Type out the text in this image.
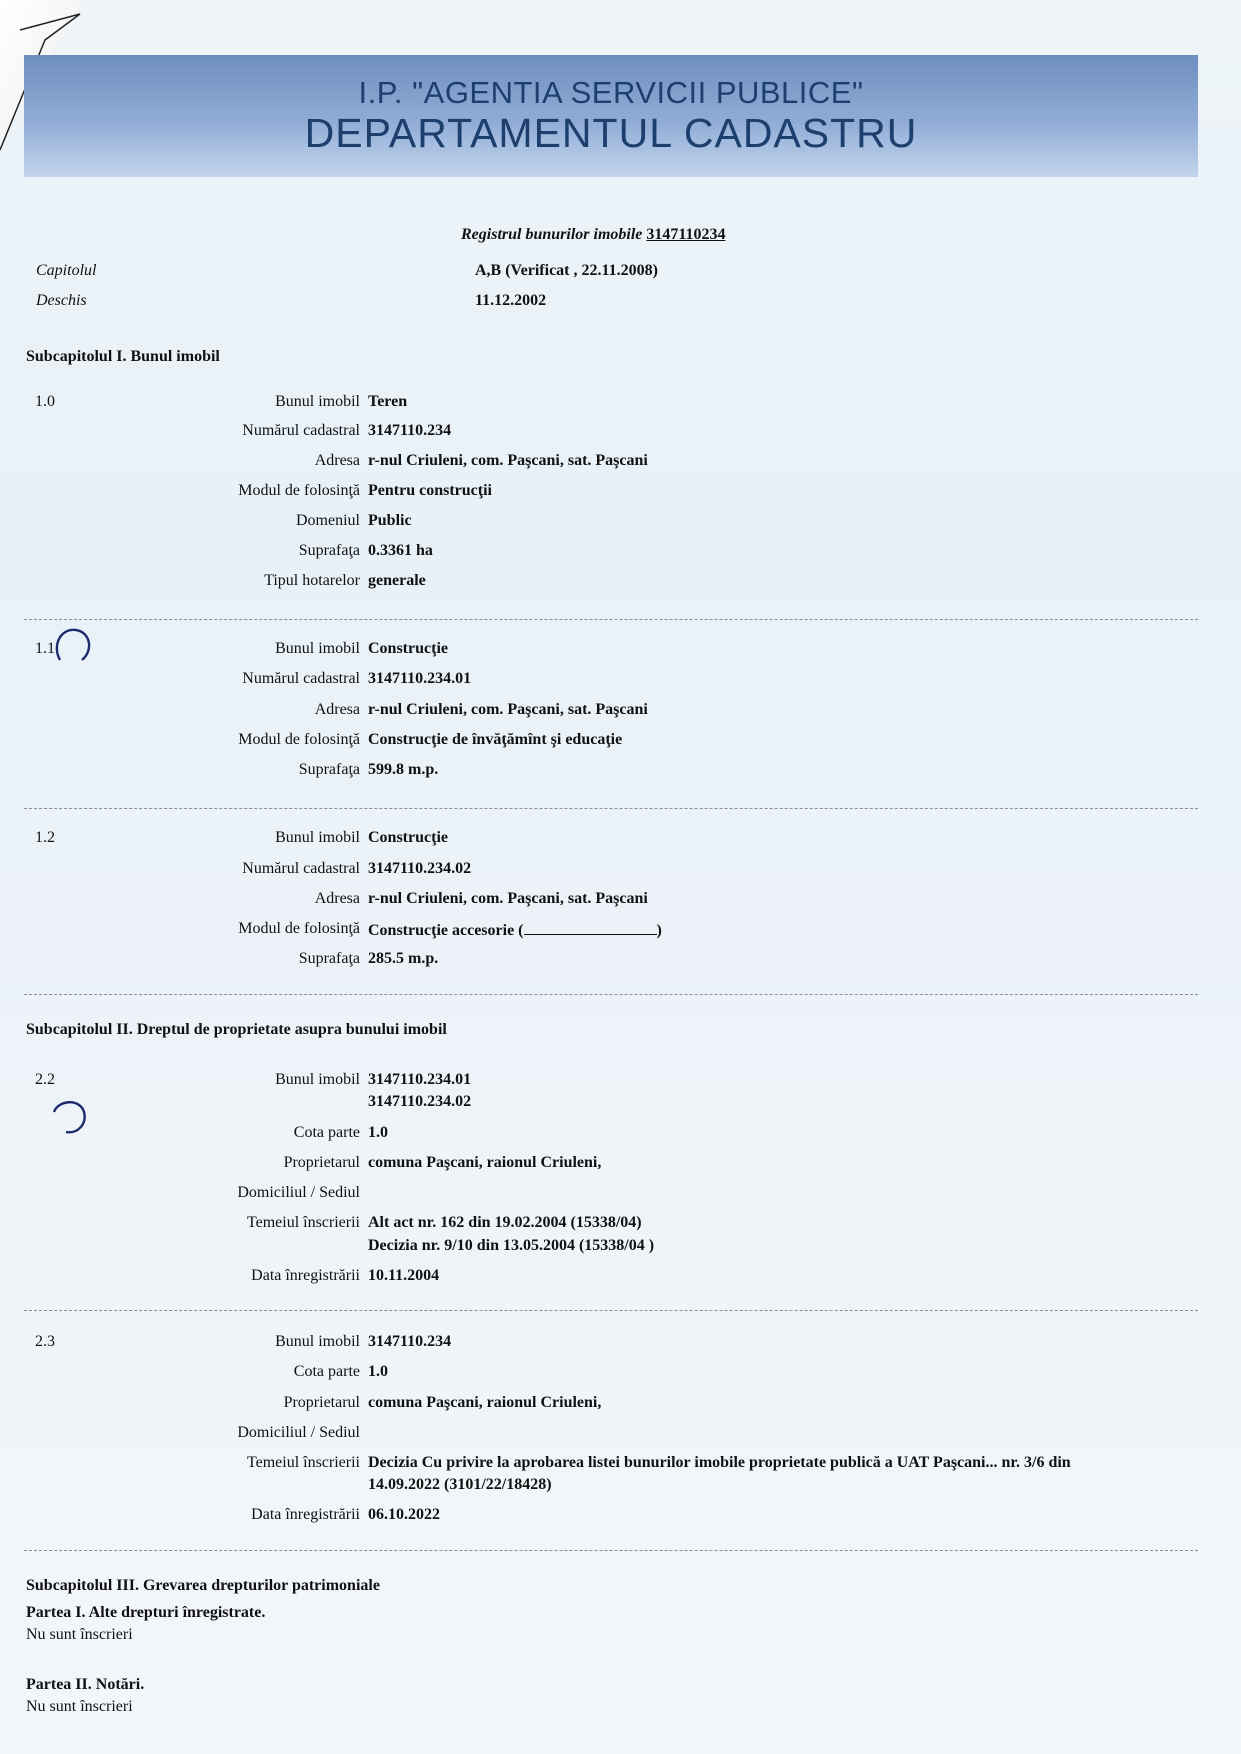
I.P. "AGENTIA SERVICII PUBLICE"
DEPARTAMENTUL CADASTRU
Registrul bunurilor imobile 3147110234
Capitolul	A,B (Verificat , 22.11.2008)
Deschis	11.12.2002
Subcapitolul I. Bunul imobil
1.0	Bunul imobil Teren
Numărul cadastral 3147110.234
Adresa r-nul Criuleni, com. Paşcani, sat. Paşcani
Modul de folosinţă Pentru construcţii
Domeniul Public
Suprafaţa 0.3361 ha
Tipul hotarelor generale
1.1	Bunul imobil Construcţie
Numărul cadastral 3147110.234.01
Adresa r-nul Criuleni, com. Paşcani, sat. Paşcani
Modul de folosinţă Construcţie de învăţămînt şi educaţie
Suprafaţa 599.8 m.p.
1.2	Bunul imobil Construcţie
Numărul cadastral 3147110.234.02
Adresa r-nul Criuleni, com. Paşcani, sat. Paşcani
Modul de folosinţă Construcţie accesorie (	)
Suprafaţa 285.5 m.p.
Subcapitolul II. Dreptul de proprietate asupra bunului imobil
2.2	Bunul imobil 3147110.234.01
3147110.234.02
Cota parte 1.0
Proprietarul comuna Paşcani, raionul Criuleni,
Domiciliul / Sediul
Temeiul înscrierii Alt act nr. 162 din 19.02.2004 (15338/04)
Decizia nr. 9/10 din 13.05.2004 (15338/04 )
Data înregistrării 10.11.2004
2.3	Bunul imobil 3147110.234
Cota parte 1.0
Proprietarul comuna Paşcani, raionul Criuleni,
Domiciliul / Sediul
Temeiul înscrierii Decizia Cu privire la aprobarea listei bunurilor imobile proprietate publică a UAT Paşcani... nr. 3/6 din
14.09.2022 (3101/22/18428)
Data înregistrării 06.10.2022
Subcapitolul III. Grevarea drepturilor patrimoniale
Partea I. Alte drepturi înregistrate.
Nu sunt înscrieri
Partea II. Notări.
Nu sunt înscrieri
